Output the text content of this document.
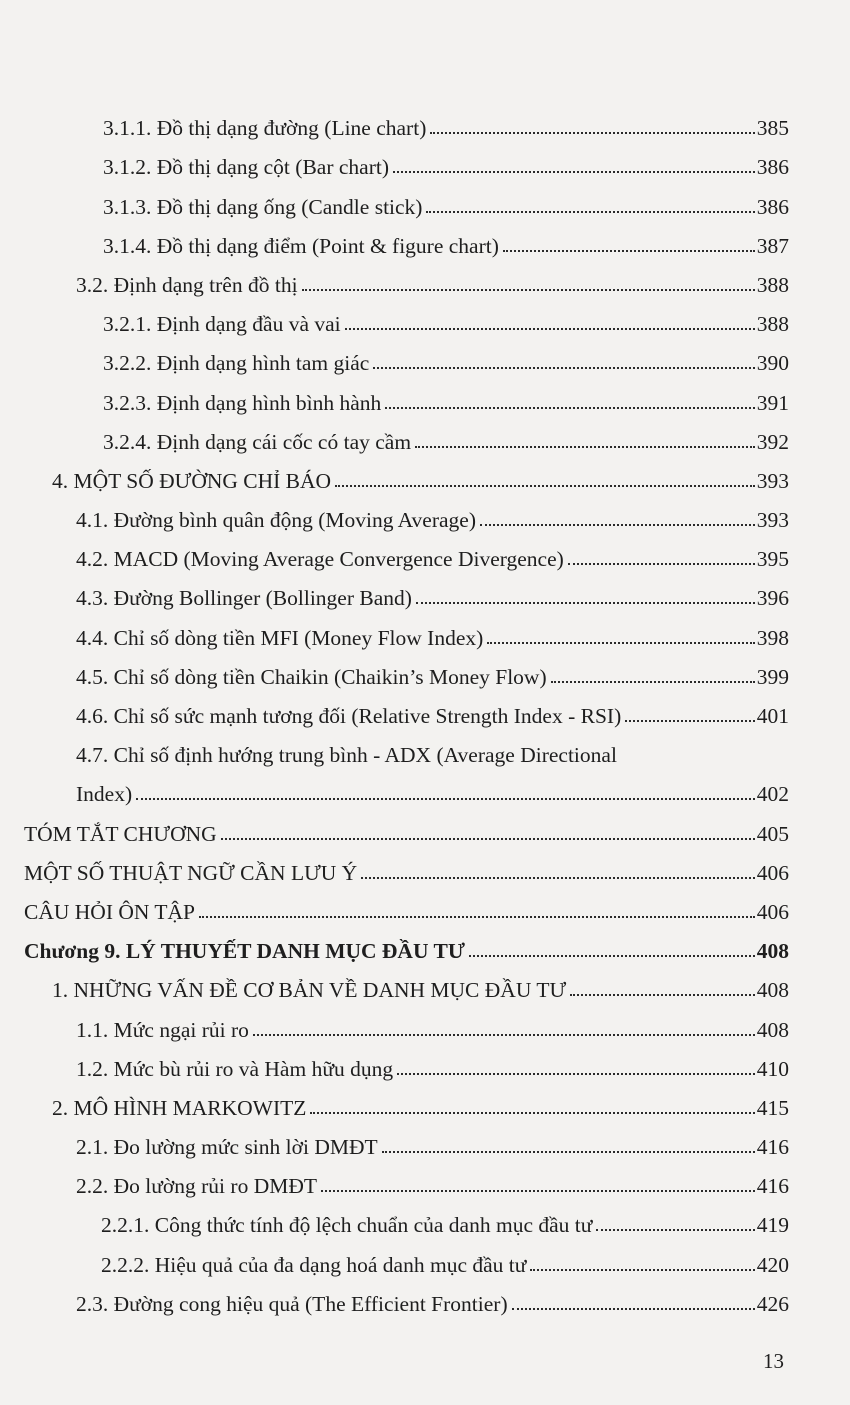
3.1.1. Đồ thị dạng đường (Line chart)	385
3.1.2. Đồ thị dạng cột (Bar chart)	386
3.1.3. Đồ thị dạng ống (Candle stick)	386
3.1.4. Đồ thị dạng điểm (Point & figure chart)	387
3.2. Định dạng trên đồ thị	388
3.2.1. Định dạng đầu và vai	388
3.2.2. Định dạng hình tam giác	390
3.2.3. Định dạng hình bình hành	391
3.2.4. Định dạng cái cốc có tay cầm	392
4. MỘT SỐ ĐƯỜNG CHỈ BÁO	393
4.1. Đường bình quân động (Moving Average)	393
4.2. MACD (Moving Average Convergence Divergence)	395
4.3. Đường Bollinger (Bollinger Band)	396
4.4. Chỉ số dòng tiền MFI (Money Flow Index)	398
4.5. Chỉ số dòng tiền Chaikin (Chaikin’s Money Flow)	399
4.6. Chỉ số sức mạnh tương đối (Relative Strength Index - RSI)	401
4.7. Chỉ số định hướng trung bình - ADX (Average Directional
Index)	402
TÓM TẮT CHƯƠNG	405
MỘT SỐ THUẬT NGỮ CẦN LƯU Ý	406
CÂU HỎI ÔN TẬP	406
Chương 9. LÝ THUYẾT DANH MỤC ĐẦU TƯ	408
1. NHỮNG VẤN ĐỀ CƠ BẢN VỀ DANH MỤC ĐẦU TƯ	408
1.1. Mức ngại rủi ro	408
1.2. Mức bù rủi ro và Hàm hữu dụng	410
2. MÔ HÌNH MARKOWITZ	415
2.1. Đo lường mức sinh lời DMĐT	416
2.2. Đo lường rủi ro DMĐT	416
2.2.1. Công thức tính độ lệch chuẩn của danh mục đầu tư	419
2.2.2. Hiệu quả của đa dạng hoá danh mục đầu tư	420
2.3. Đường cong hiệu quả (The Efficient Frontier)	426
13
